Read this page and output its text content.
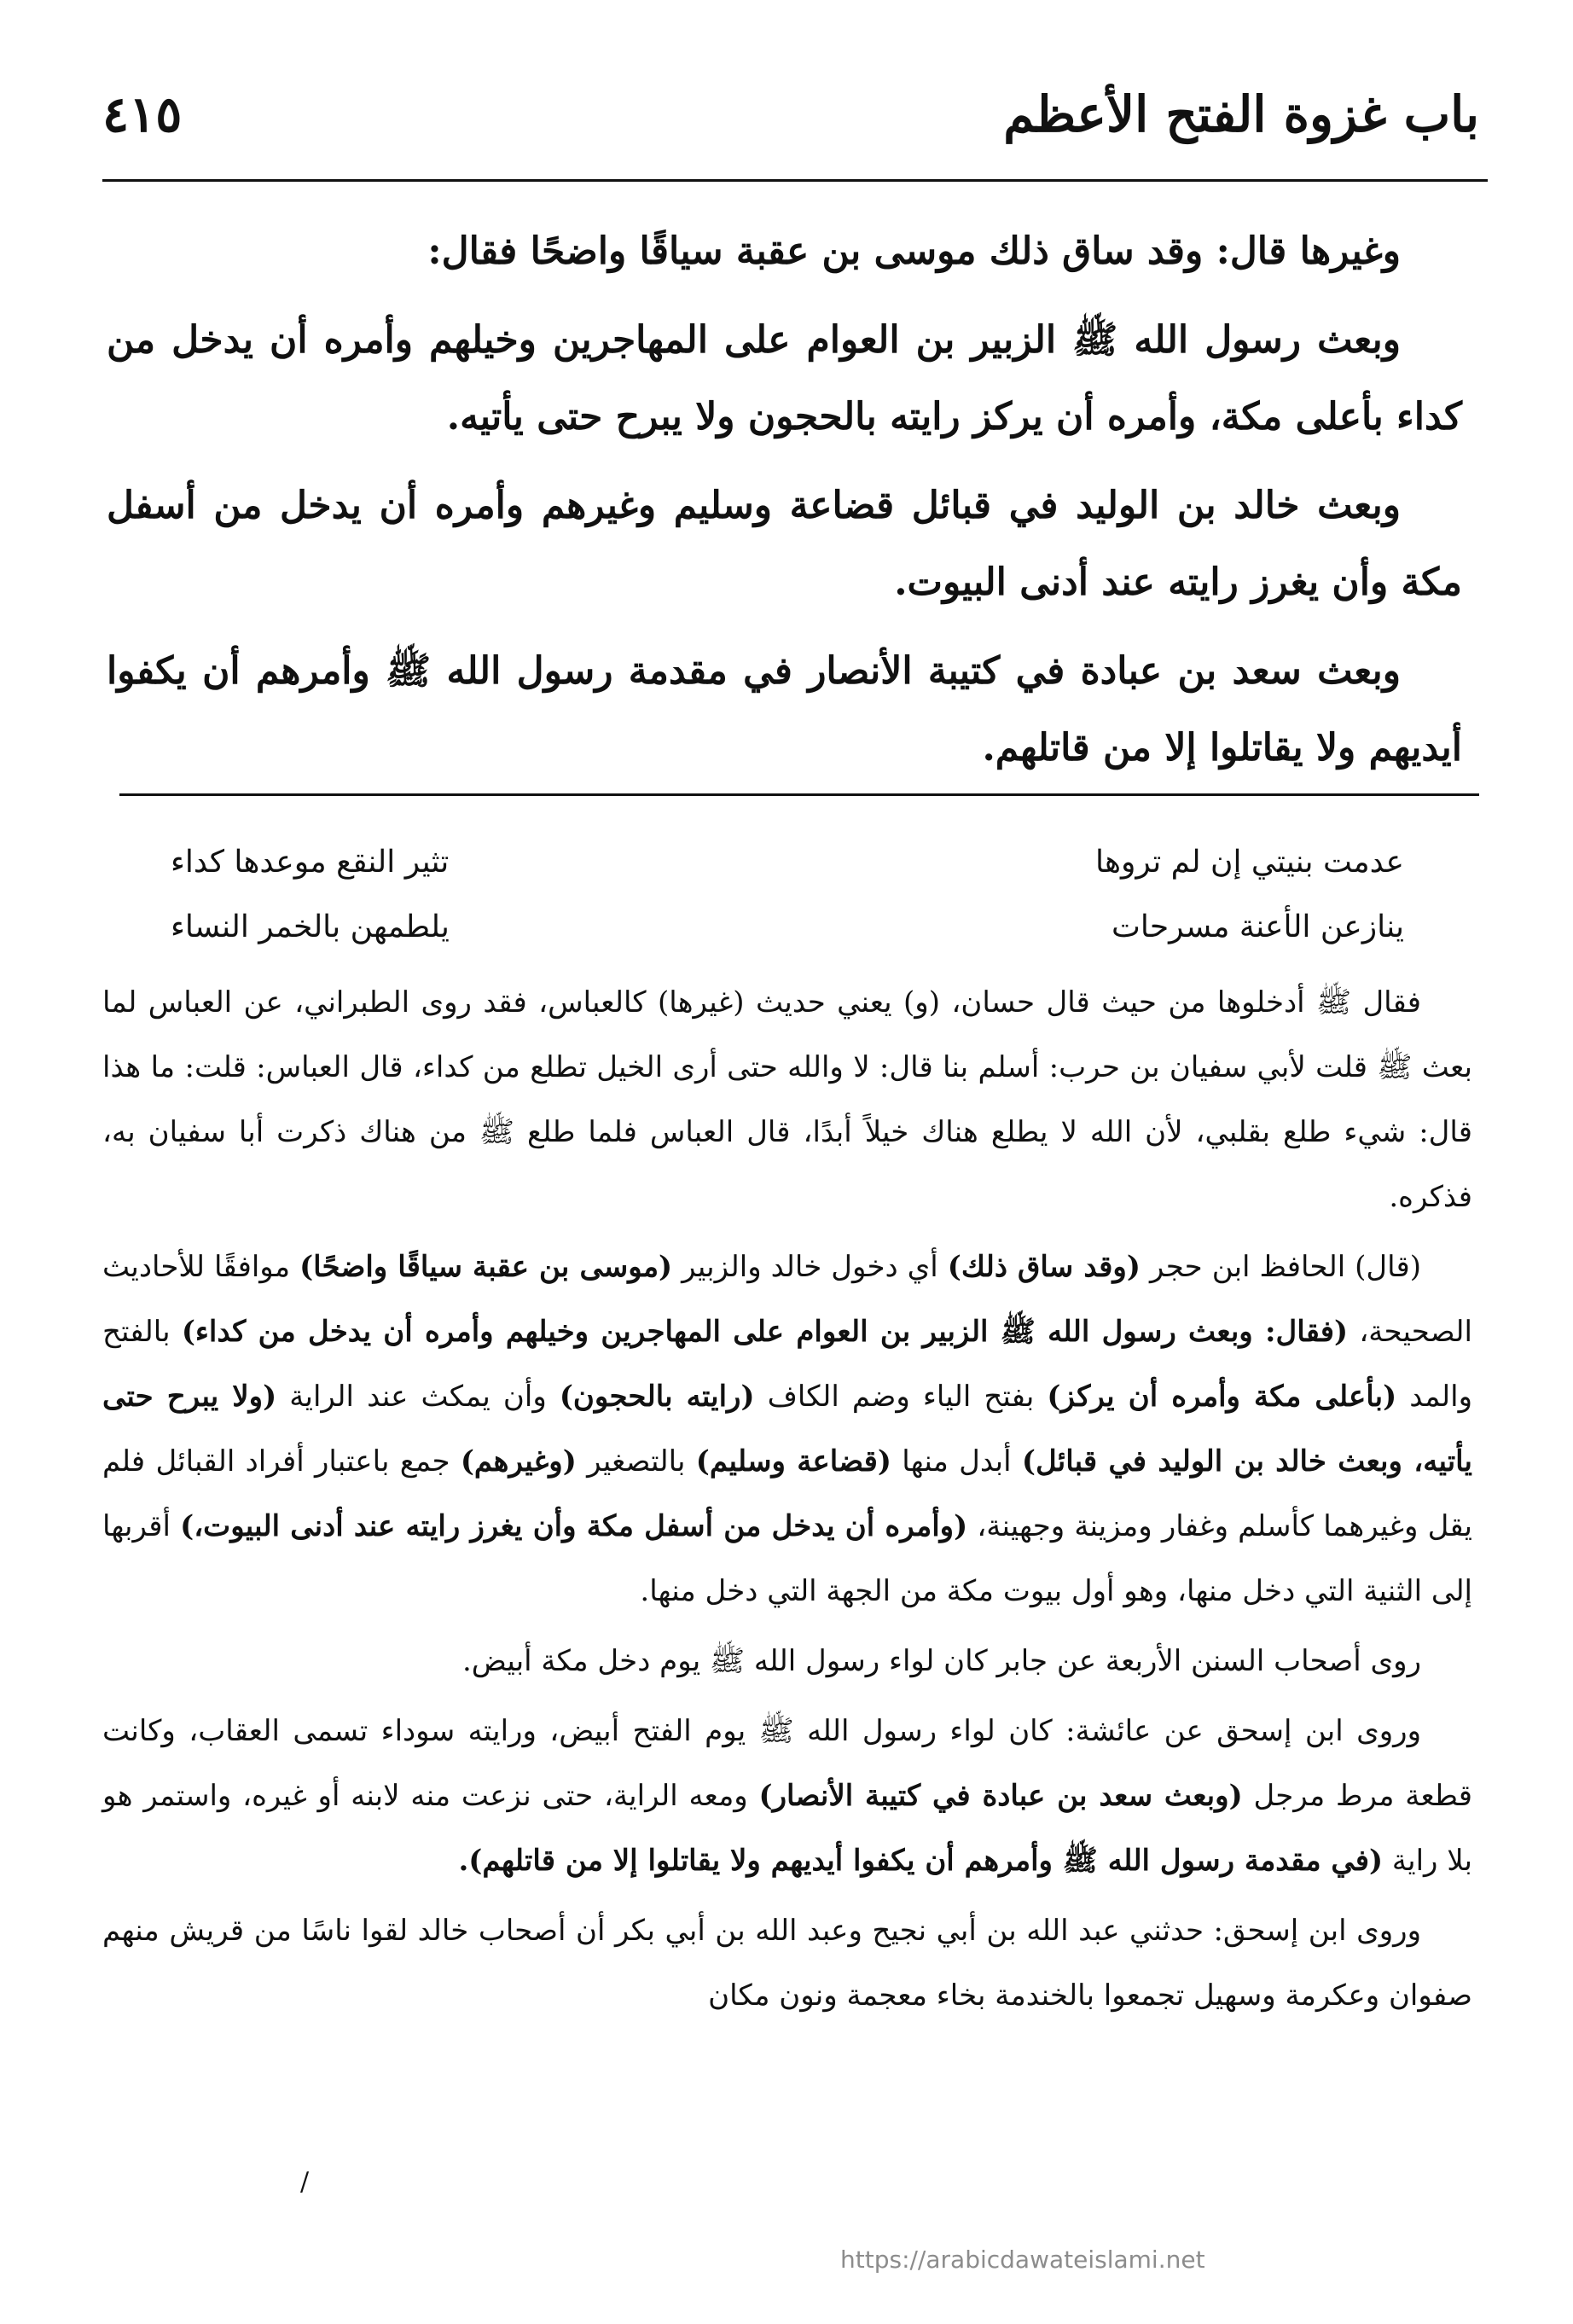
باب غزوة الفتح الأعظم
٤١٥

وغيرها قال: وقد ساق ذلك موسى بن عقبة سياقًا واضحًا فقال:

وبعث رسول الله ﷺ الزبير بن العوام على المهاجرين وخيلهم وأمره أن يدخل من كداء بأعلى مكة، وأمره أن يركز رايته بالحجون ولا يبرح حتى يأتيه.

وبعث خالد بن الوليد في قبائل قضاعة وسليم وغيرهم وأمره أن يدخل من أسفل مكة وأن يغرز رايته عند أدنى البيوت.

وبعث سعد بن عبادة في كتيبة الأنصار في مقدمة رسول الله ﷺ وأمرهم أن يكفوا أيديهم ولا يقاتلوا إلا من قاتلهم.

عدمت بنيتي إن لم تروها
تثير النقع موعدها كداء
ينازعن الأعنة مسرحات
يلطمهن بالخمر النساء

فقال ﷺ أدخلوها من حيث قال حسان، (و) يعني حديث (غيرها) كالعباس، فقد روى الطبراني، عن العباس لما بعث ﷺ قلت لأبي سفيان بن حرب: أسلم بنا قال: لا والله حتى أرى الخيل تطلع من كداء، قال العباس: قلت: ما هذا قال: شيء طلع بقلبي، لأن الله لا يطلع هناك خيلاً أبدًا، قال العباس فلما طلع ﷺ من هناك ذكرت أبا سفيان به، فذكره.

(قال) الحافظ ابن حجر (وقد ساق ذلك) أي دخول خالد والزبير (موسى بن عقبة سياقًا واضحًا) موافقًا للأحاديث الصحيحة، (فقال: وبعث رسول الله ﷺ الزبير بن العوام على المهاجرين وخيلهم وأمره أن يدخل من كداء) بالفتح والمد (بأعلى مكة وأمره أن يركز) بفتح الياء وضم الكاف (رايته بالحجون) وأن يمكث عند الراية (ولا يبرح حتى يأتيه، وبعث خالد بن الوليد في قبائل) أبدل منها (قضاعة وسليم) بالتصغير (وغيرهم) جمع باعتبار أفراد القبائل فلم يقل وغيرهما كأسلم وغفار ومزينة وجهينة، (وأمره أن يدخل من أسفل مكة وأن يغرز رايته عند أدنى البيوت،) أقربها إلى الثنية التي دخل منها، وهو أول بيوت مكة من الجهة التي دخل منها.

روى أصحاب السنن الأربعة عن جابر كان لواء رسول الله ﷺ يوم دخل مكة أبيض.

وروى ابن إسحق عن عائشة: كان لواء رسول الله ﷺ يوم الفتح أبيض، ورايته سوداء تسمى العقاب، وكانت قطعة مرط مرجل (وبعث سعد بن عبادة في كتيبة الأنصار) ومعه الراية، حتى نزعت منه لابنه أو غيره، واستمر هو بلا راية (في مقدمة رسول الله ﷺ وأمرهم أن يكفوا أيديهم ولا يقاتلوا إلا من قاتلهم).

وروى ابن إسحق: حدثني عبد الله بن أبي نجيح وعبد الله بن أبي بكر أن أصحاب خالد لقوا ناسًا من قريش منهم صفوان وعكرمة وسهيل تجمعوا بالخندمة بخاء معجمة ونون مكان

/
https://arabicdawateislami.net
